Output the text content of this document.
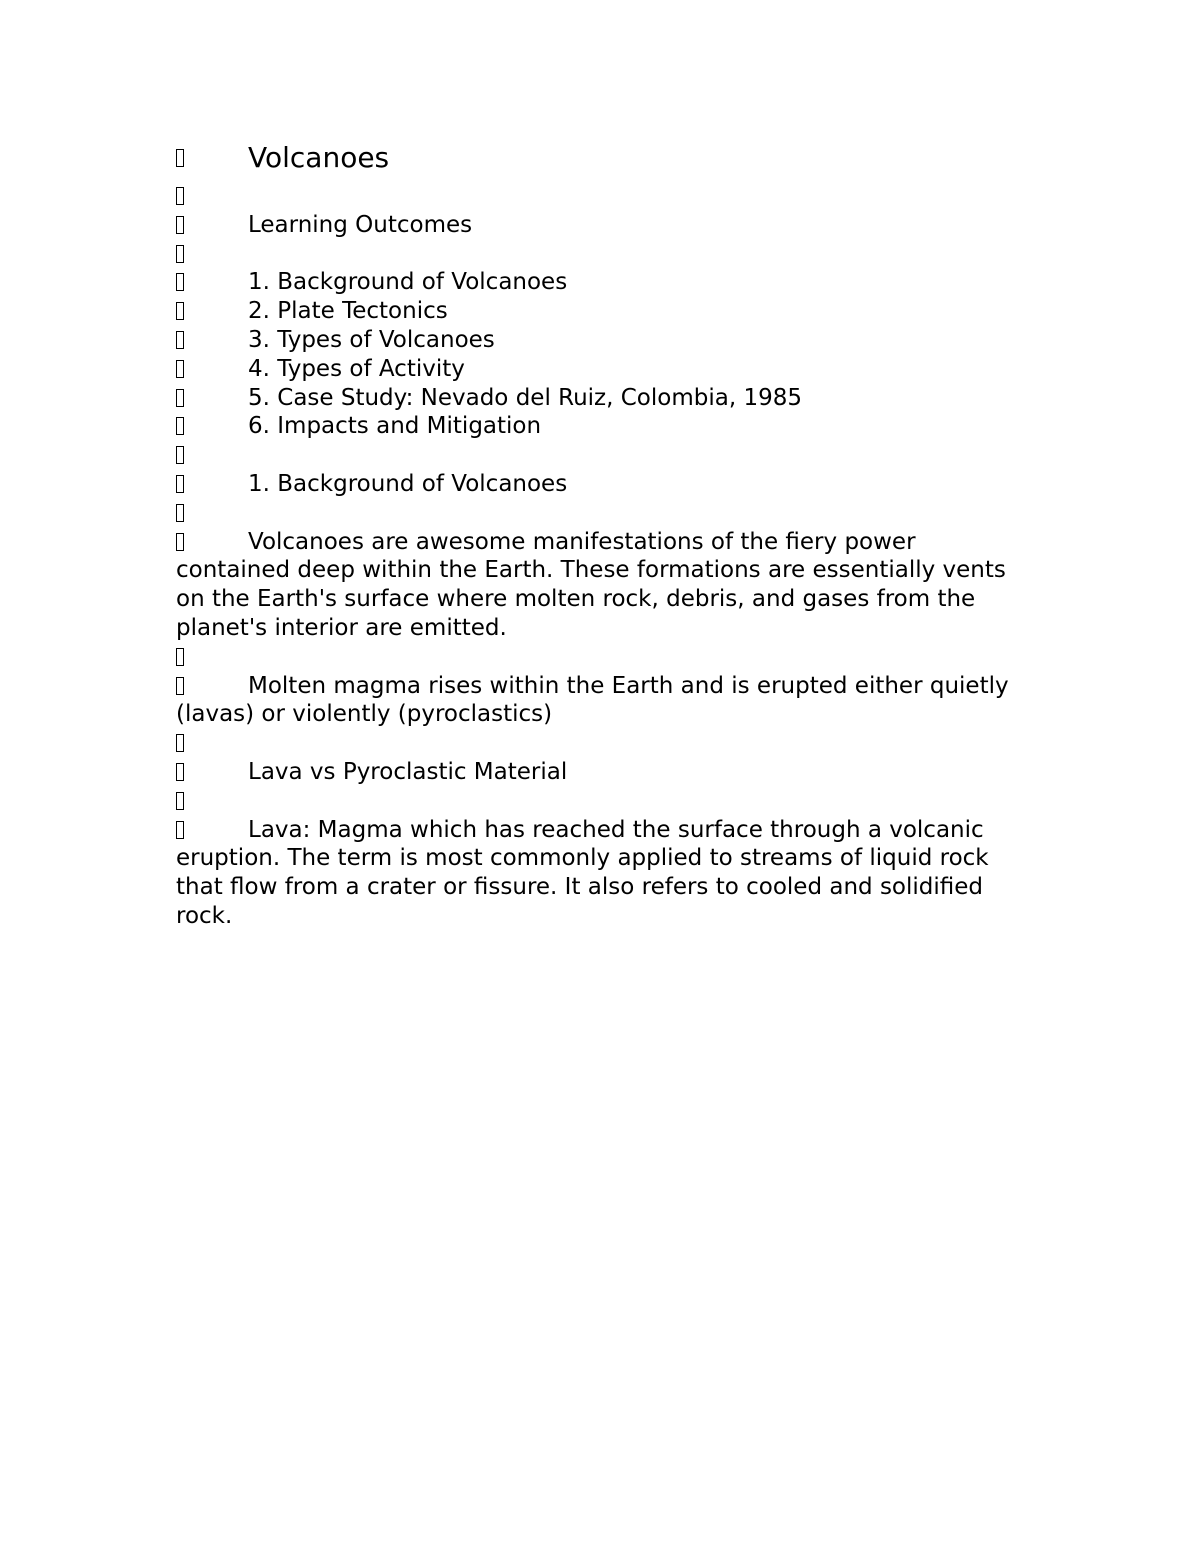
Volcanoes
Learning Outcomes
1. Background of Volcanoes
2. Plate Tectonics
3. Types of Volcanoes
4. Types of Activity
5. Case Study: Nevado del Ruiz, Colombia, 1985
6. Impacts and Mitigation
1. Background of Volcanoes
Volcanoes are awesome manifestations of the fiery power contained deep within the Earth. These formations are essentially vents on the Earth's surface where molten rock, debris, and gases from the planet's interior are emitted.
Molten magma rises within the Earth and is erupted either quietly (lavas) or violently (pyroclastics)
Lava vs Pyroclastic Material
Lava: Magma which has reached the surface through a volcanic eruption. The term is most commonly applied to streams of liquid rock that flow from a crater or fissure. It also refers to cooled and solidified rock.
